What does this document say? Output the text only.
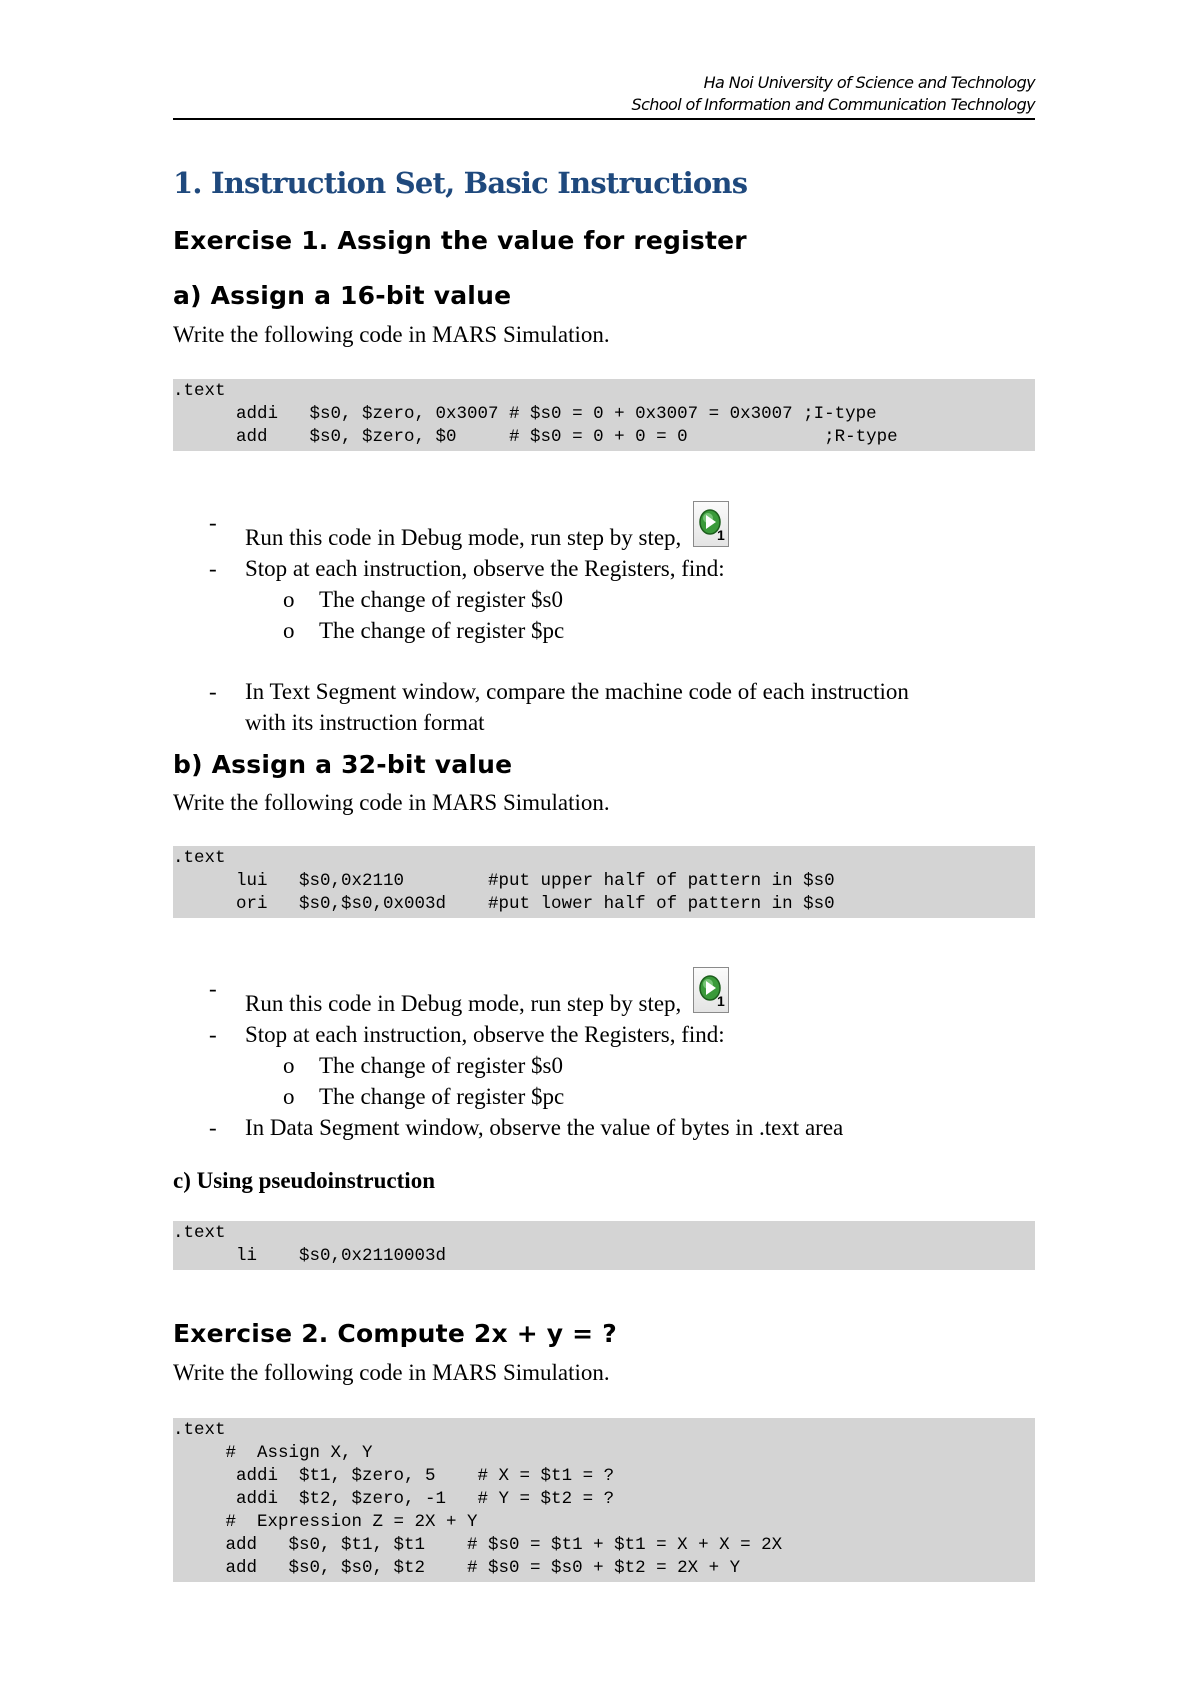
Ha Noi University of Science and Technology
School of Information and Communication Technology
1. Instruction Set, Basic Instructions
Exercise 1. Assign the value for register
a) Assign a 16-bit value
Write the following code in MARS Simulation.
.text
addi   $s0, $zero, 0x3007 # $s0 = 0 + 0x3007 = 0x3007 ;I-type
add    $s0, $zero, $0     # $s0 = 0 + 0 = 0             ;R-type
-
Run this code in Debug mode, run step by step,	1
- Stop at each instruction, observe the Registers, find:
o The change of register $s0
o The change of register $pc
- In Text Segment window, compare the machine code of each instruction
with its instruction format
b) Assign a 32-bit value
Write the following code in MARS Simulation.
.text
lui   $s0,0x2110        #put upper half of pattern in $s0
ori   $s0,$s0,0x003d    #put lower half of pattern in $s0
-
Run this code in Debug mode, run step by step,	1
- Stop at each instruction, observe the Registers, find:
o The change of register $s0
o The change of register $pc
- In Data Segment window, observe the value of bytes in .text area
c) Using pseudoinstruction
.text
li    $s0,0x2110003d
Exercise 2. Compute 2x + y = ?
Write the following code in MARS Simulation.
.text
#  Assign X, Y
addi  $t1, $zero, 5    # X = $t1 = ?
addi  $t2, $zero, -1   # Y = $t2 = ?
#  Expression Z = 2X + Y
add   $s0, $t1, $t1    # $s0 = $t1 + $t1 = X + X = 2X
add   $s0, $s0, $t2    # $s0 = $s0 + $t2 = 2X + Y
